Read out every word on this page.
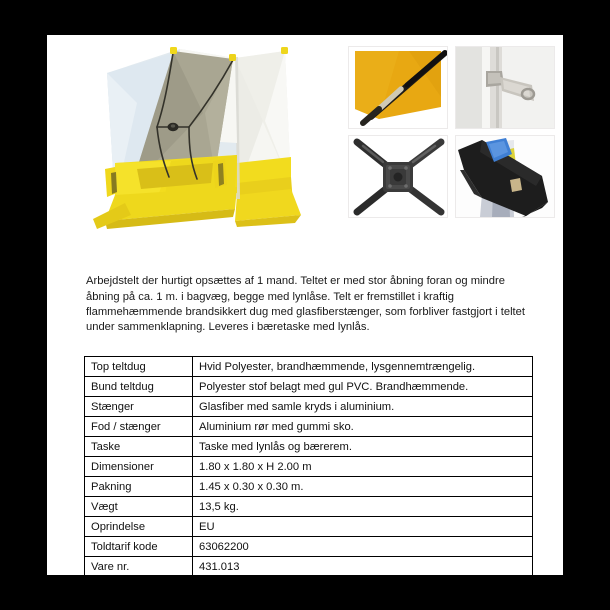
Arbejdstelt der hurtigt opsættes af 1 mand. Teltet er med stor åbning foran og mindre åbning på ca. 1 m. i bagvæg, begge med lynlåse. Telt er fremstillet i kraftig flammehæmmende brandsikkert dug med glasfiberstænger, som forbliver fastgjort i teltet under sammenklapning. Leveres i bæretaske med lynlås.

Top teltdug	Hvid Polyester, brandhæmmende, lysgennemtrængelig.
Bund teltdug	Polyester stof belagt med gul PVC. Brandhæmmende.
Stænger	Glasfiber med samle kryds i aluminium.
Fod / stænger	Aluminium rør med gummi sko.
Taske	Taske med lynlås og bærerem.
Dimensioner	1.80 x 1.80 x H 2.00 m
Pakning	1.45 x 0.30 x 0.30 m.
Vægt	13,5 kg.
Oprindelse	EU
Toldtarif kode	63062200
Vare nr.	431.013
